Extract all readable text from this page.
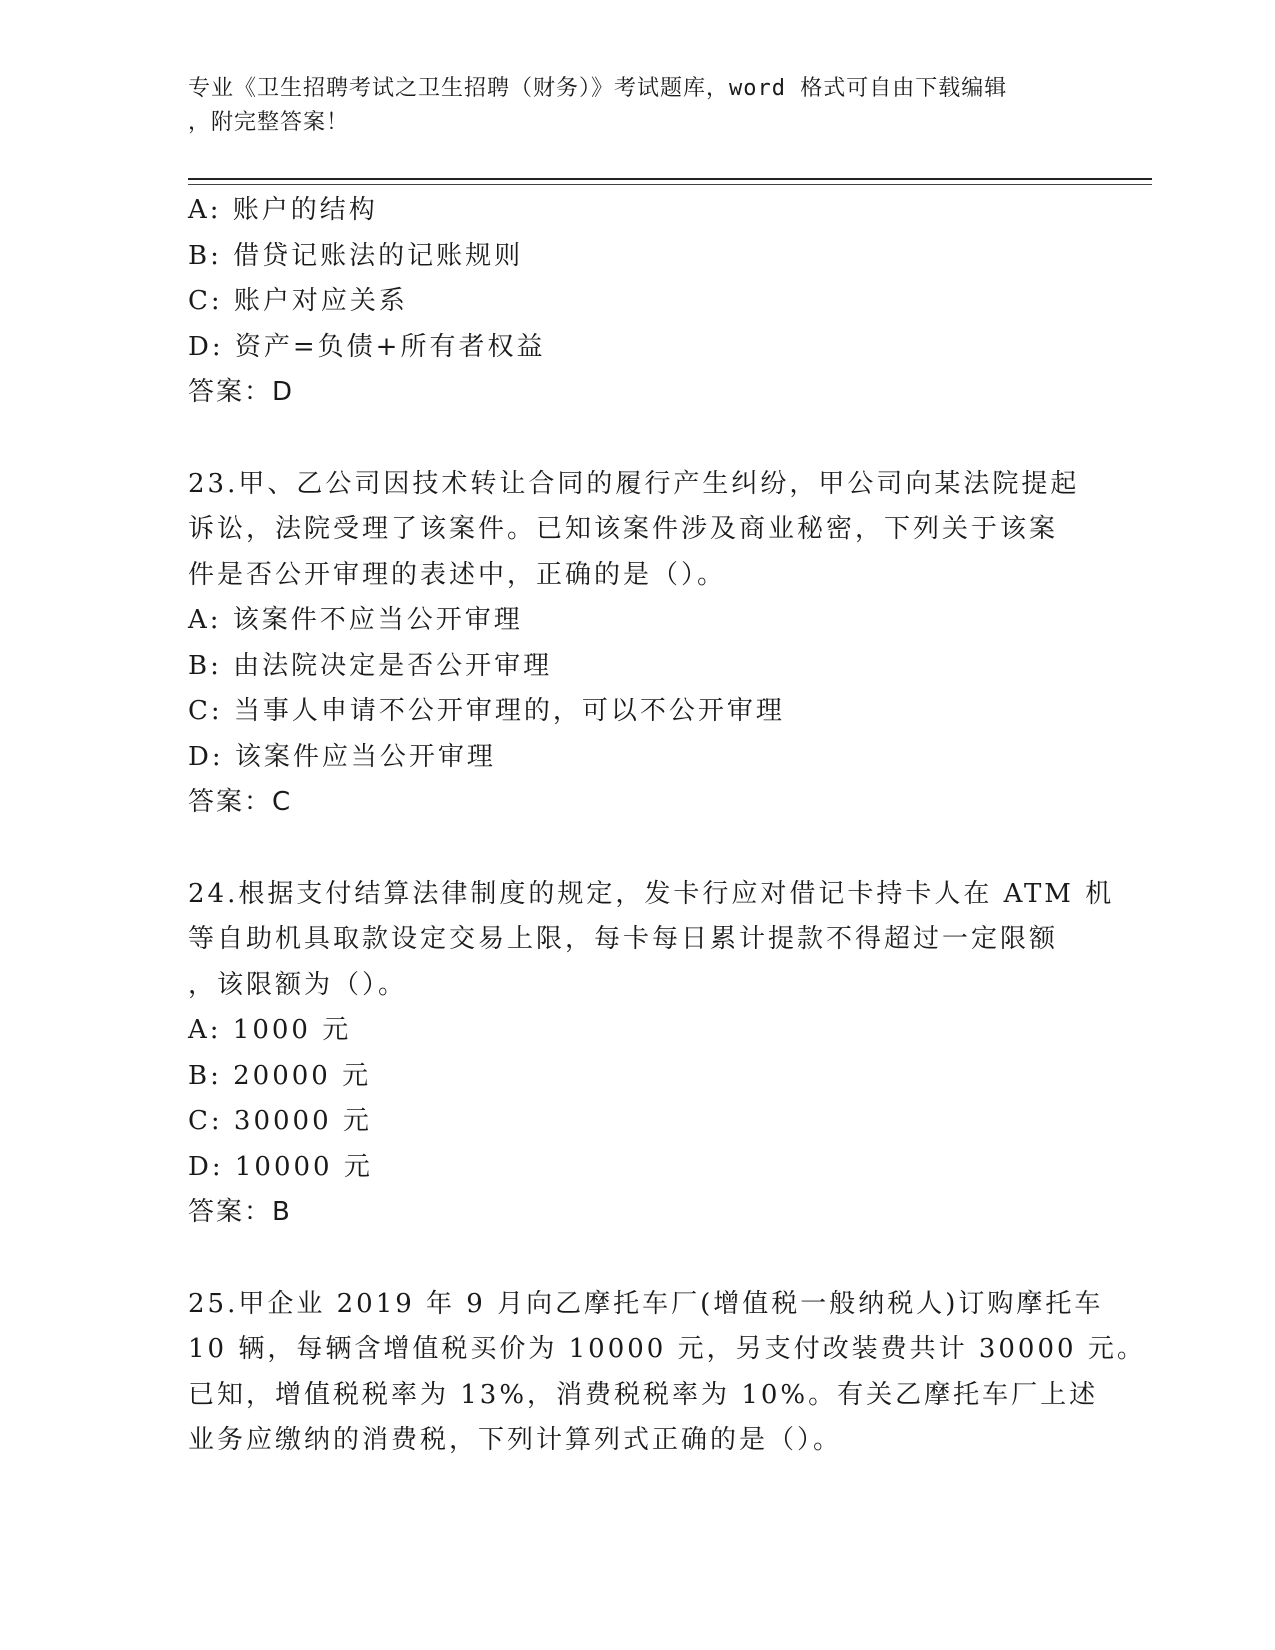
专业《卫生招聘考试之卫生招聘（财务）》考试题库，word 格式可自由下载编辑
，附完整答案！
A: 账户的结构
B: 借贷记账法的记账规则
C: 账户对应关系
D: 资产=负债+所有者权益
答案：D
23.甲、乙公司因技术转让合同的履行产生纠纷，甲公司向某法院提起
诉讼，法院受理了该案件。已知该案件涉及商业秘密，下列关于该案
件是否公开审理的表述中，正确的是（）。
A: 该案件不应当公开审理
B: 由法院决定是否公开审理
C: 当事人申请不公开审理的，可以不公开审理
D: 该案件应当公开审理
答案：C
24.根据支付结算法律制度的规定，发卡行应对借记卡持卡人在 ATM 机
等自助机具取款设定交易上限，每卡每日累计提款不得超过一定限额
，该限额为（）。
A: 1000 元
B: 20000 元
C: 30000 元
D: 10000 元
答案：B
25.甲企业 2019 年 9 月向乙摩托车厂(增值税一般纳税人)订购摩托车
10 辆，每辆含增值税买价为 10000 元，另支付改装费共计 30000 元。
已知，增值税税率为 13%，消费税税率为 10%。有关乙摩托车厂上述
业务应缴纳的消费税，下列计算列式正确的是（）。
